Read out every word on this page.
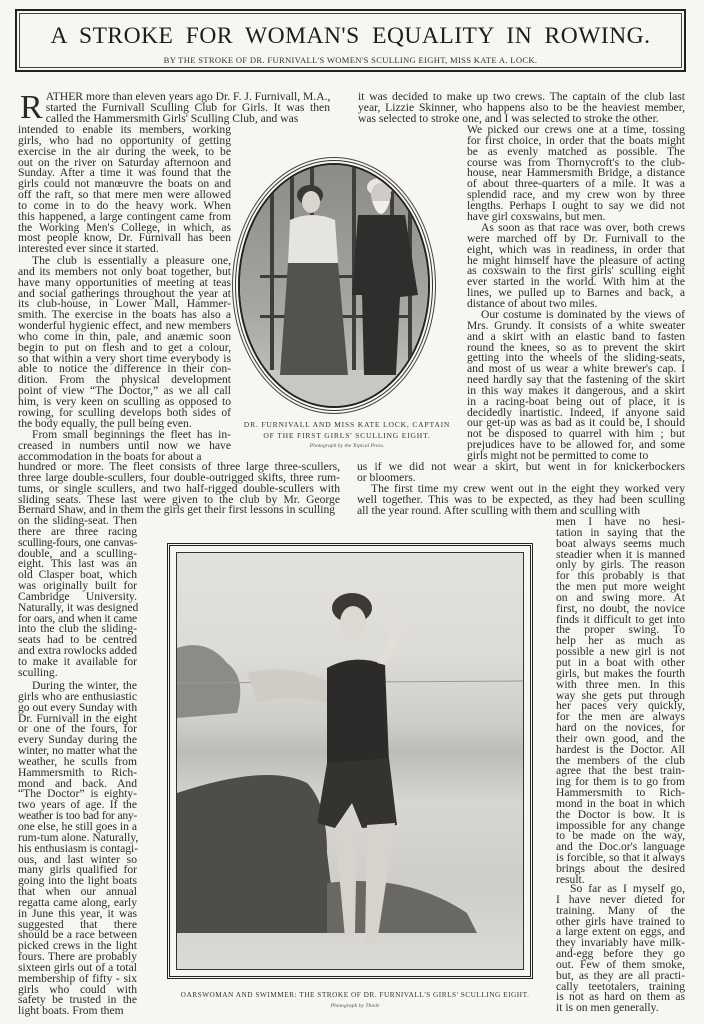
A STROKE FOR WOMAN'S EQUALITY IN ROWING.
BY THE STROKE OF DR. FURNIVALL'S WOMEN'S SCULLING EIGHT, MISS KATE A. LOCK.
R ATHER more than eleven years ago Dr. F. J. Furnivall, M.A.,
started the Furnivall Sculling Club for Girls. It was then
called the Hammersmith Girls' Sculling Club, and was
intended to enable its members, working
girls, who had no opportunity of getting
exercise in the air during the week, to be
out on the river on Saturday afternoon and
Sunday. After a time it was found that the
girls could not manœuvre the boats on and
off the raft, so that mere men were allowed
to come in to do the heavy work. When
this happened, a large contingent came from
the Working Men's College, in which, as
most people know, Dr. Furnivall has been
interested ever since it started.
The club is essentially a pleasure one,
and its members not only boat together, but
have many opportunities of meeting at teas
and social gatherings throughout the year at
its club-house, in Lower Mall, Hammer-
smith. The exercise in the boats has also a
wonderful hygienic effect, and new members
who come in thin, pale, and anæmic soon
begin to put on flesh and to get a colour,
so that within a very short time everybody is
able to notice the difference in their con-
dition. From the physical development
point of view “The Doctor,” as we all call
him, is very keen on sculling as opposed to
rowing, for sculling develops both sides of
the body equally, the pull being even.
From small beginnings the fleet has in-
creased in numbers until now we have
accommodation in the boats for about a
hundred or more. The fleet consists of three large three-scullers,
three large double-scullers, four double-outrigged skifts, three rum-
tums, or single scullers, and two half-rigged double-scullers with
sliding seats. These last were given to the club by Mr. George
Bernard Shaw, and in them the girls get their first lessons in sculling
on the sliding-seat. Then
there are three racing
sculling-fours, one canvas-
double, and a sculling-
eight. This last was an
old Clasper boat, which
was originally built for
Cambridge University.
Naturally, it was designed
for oars, and when it came
into the club the sliding-
seats had to be centred
and extra rowlocks added
to make it available for
sculling.
During the winter, the
girls who are enthusiastic
go out every Sunday with
Dr. Furnivall in the eight
or one of the fours, for
every Sunday during the
winter, no matter what the
weather, he sculls from
Hammersmith to Rich-
mond and back. And
“The Doctor” is eighty-
two years of age. If the
weather is too bad for any-
one else, he still goes in a
rum-tum alone. Naturally,
his enthusiasm is contagi-
ous, and last winter so
many girls qualified for
going into the light boats
that when our annual
regatta came along, early
in June this year, it was
suggested that there
should be a race between
picked crews in the light
fours. There are probably
sixteen girls out of a total
membership of fifty - six
girls who could with
safety be trusted in the
light boats. From them
it was decided to make up two crews. The captain of the club last
year, Lizzie Skinner, who happens also to be the heaviest member,
was selected to stroke one, and I was selected to stroke the other.
We picked our crews one at a time, tossing
for first choice, in order that the boats might
be as evenly matched as possible. The
course was from Thornycroft's to the club-
house, near Hammersmith Bridge, a distance
of about three-quarters of a mile. It was a
splendid race, and my crew won by three
lengths. Perhaps I ought to say we did not
have girl coxswains, but men.
As soon as that race was over, both crews
were marched off by Dr. Furnivall to the
eight, which was in readiness, in order that
he might himself have the pleasure of acting
as coxswain to the first girls' sculling eight
ever started in the world. With him at the
lines, we pulled up to Barnes and back, a
distance of about two miles.
Our costume is dominated by the views of
Mrs. Grundy. It consists of a white sweater
and a skirt with an elastic band to fasten
round the knees, so as to prevent the skirt
getting into the wheels of the sliding-seats,
and most of us wear a white brewer's cap. I
need hardly say that the fastening of the skirt
in this way makes it dangerous, and a skirt
in a racing-boat being out of place, it is
decidedly inartistic. Indeed, if anyone said
our get-up was as bad as it could be, I should
not be disposed to quarrel with him ; but
prejudices have to be allowed for, and some
girls might not be permitted to come to
us if we did not wear a skirt, but went in for knickerbockers
or bloomers.
The first time my crew went out in the eight they worked very
well together. This was to be expected, as they had been sculling
all the year round. After sculling with them and sculling with
men I have no hesi-
tation in saying that the
boat always seems much
steadier when it is manned
only by girls. The reason
for this probably is that
the men put more weight
on and swing more. At
first, no doubt, the novice
finds it difficult to get into
the proper swing. To
help her as much as
possible a new girl is not
put in a boat with other
girls, but makes the fourth
with three men. In this
way she gets put through
her paces very quickly,
for the men are always
hard on the novices, for
their own good, and the
hardest is the Doctor. All
the members of the club
agree that the best train-
ing for them is to go from
Hammersmith to Rich-
mond in the boat in which
the Doctor is bow. It is
impossible for any change
to be made on the way,
and the Doc.or's language
is forcible, so that it always
brings about the desired
result.
So far as I myself go,
I have never dieted for
training. Many of the
other girls have trained to
a large extent on eggs, and
they invariably have milk-
and-egg before they go
out. Few of them smoke,
but, as they are all practi-
cally teetotalers, training
is not as hard on them as
it is on men generally.
DR. FURNIVALL AND MISS KATE LOCK, CAPTAIN
OF THE FIRST GIRLS' SCULLING EIGHT.
Photograph by the Topical Press.
OARSWOMAN AND SWIMMER: THE STROKE OF DR. FURNIVALL'S GIRLS' SCULLING EIGHT.
Photograph by Thiele
